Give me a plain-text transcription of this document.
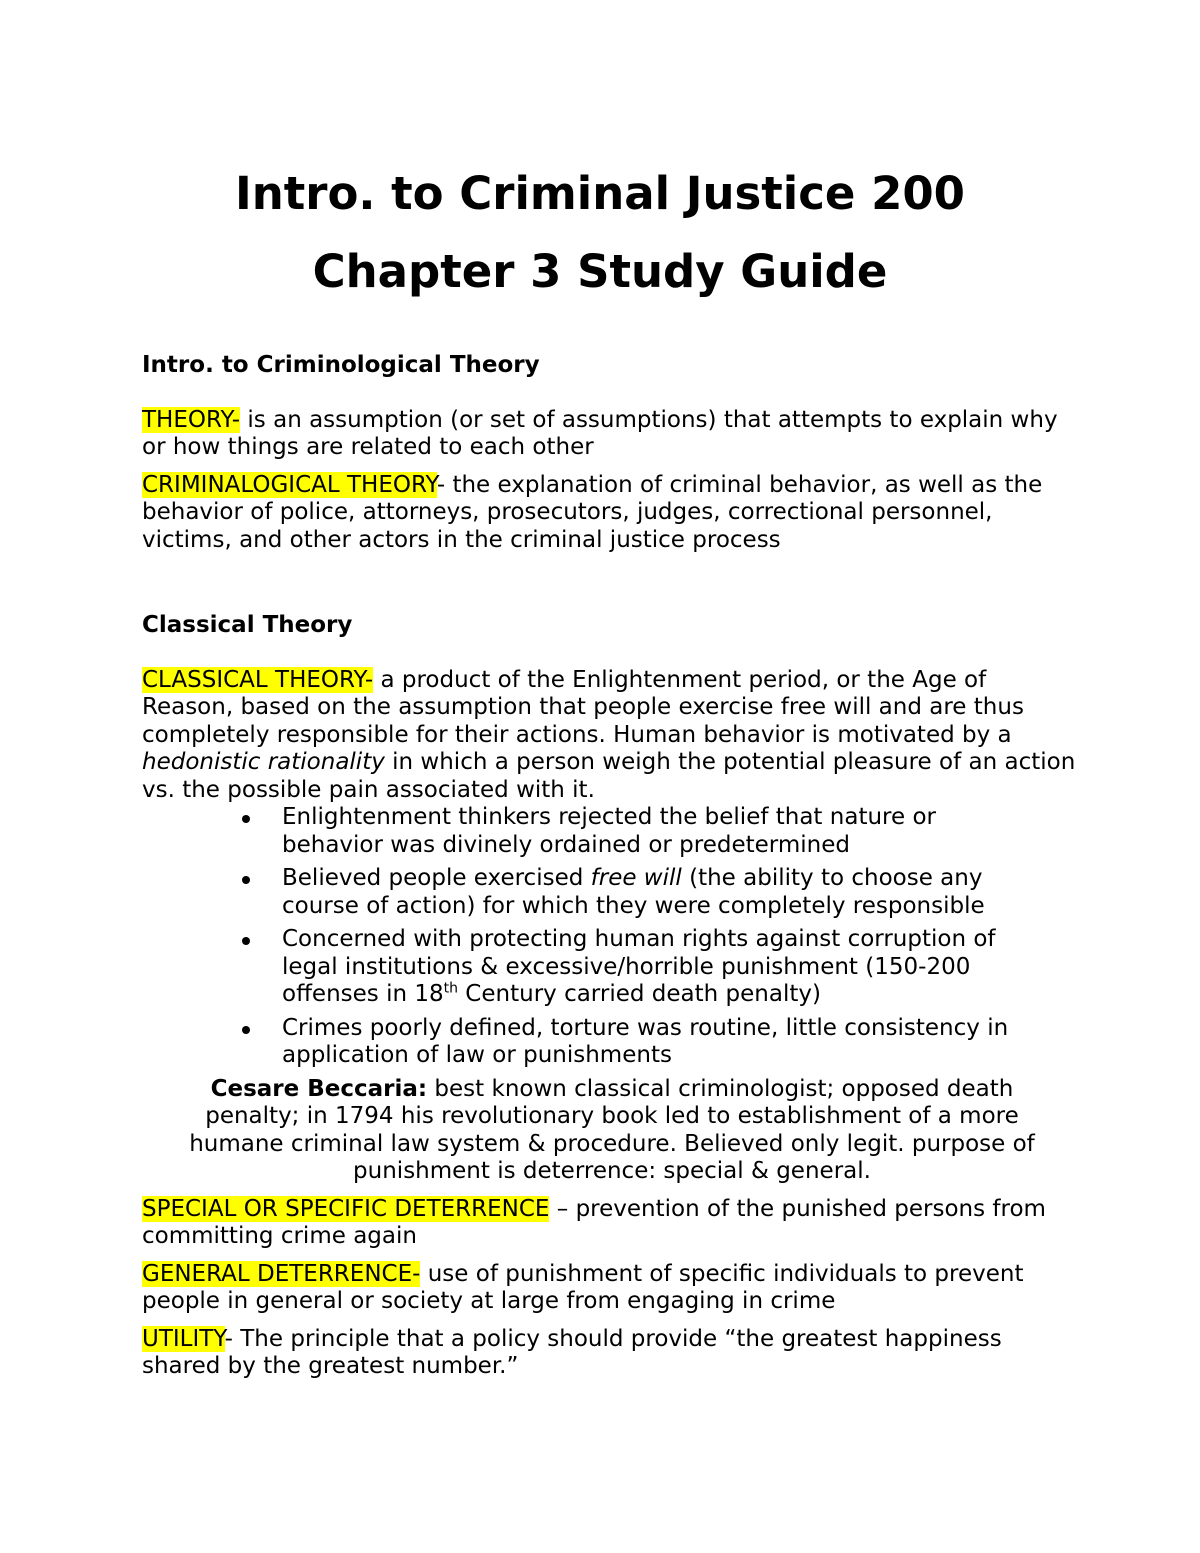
Intro. to Criminal Justice 200
Chapter 3 Study Guide

Intro. to Criminological Theory

THEORY- is an assumption (or set of assumptions) that attempts to explain why or how things are related to each other

CRIMINALOGICAL THEORY- the explanation of criminal behavior, as well as the behavior of police, attorneys, prosecutors, judges, correctional personnel, victims, and other actors in the criminal justice process

Classical Theory

CLASSICAL THEORY- a product of the Enlightenment period, or the Age of Reason, based on the assumption that people exercise free will and are thus completely responsible for their actions. Human behavior is motivated by a hedonistic rationality in which a person weigh the potential pleasure of an action vs. the possible pain associated with it.

Enlightenment thinkers rejected the belief that nature or behavior was divinely ordained or predetermined
Believed people exercised free will (the ability to choose any course of action) for which they were completely responsible
Concerned with protecting human rights against corruption of legal institutions & excessive/horrible punishment (150-200 offenses in 18th Century carried death penalty)
Crimes poorly defined, torture was routine, little consistency in application of law or punishments

Cesare Beccaria: best known classical criminologist; opposed death penalty; in 1794 his revolutionary book led to establishment of a more humane criminal law system & procedure. Believed only legit. purpose of punishment is deterrence: special & general.

SPECIAL OR SPECIFIC DETERRENCE – prevention of the punished persons from committing crime again

GENERAL DETERRENCE- use of punishment of specific individuals to prevent people in general or society at large from engaging in crime

UTILITY- The principle that a policy should provide “the greatest happiness shared by the greatest number.”
